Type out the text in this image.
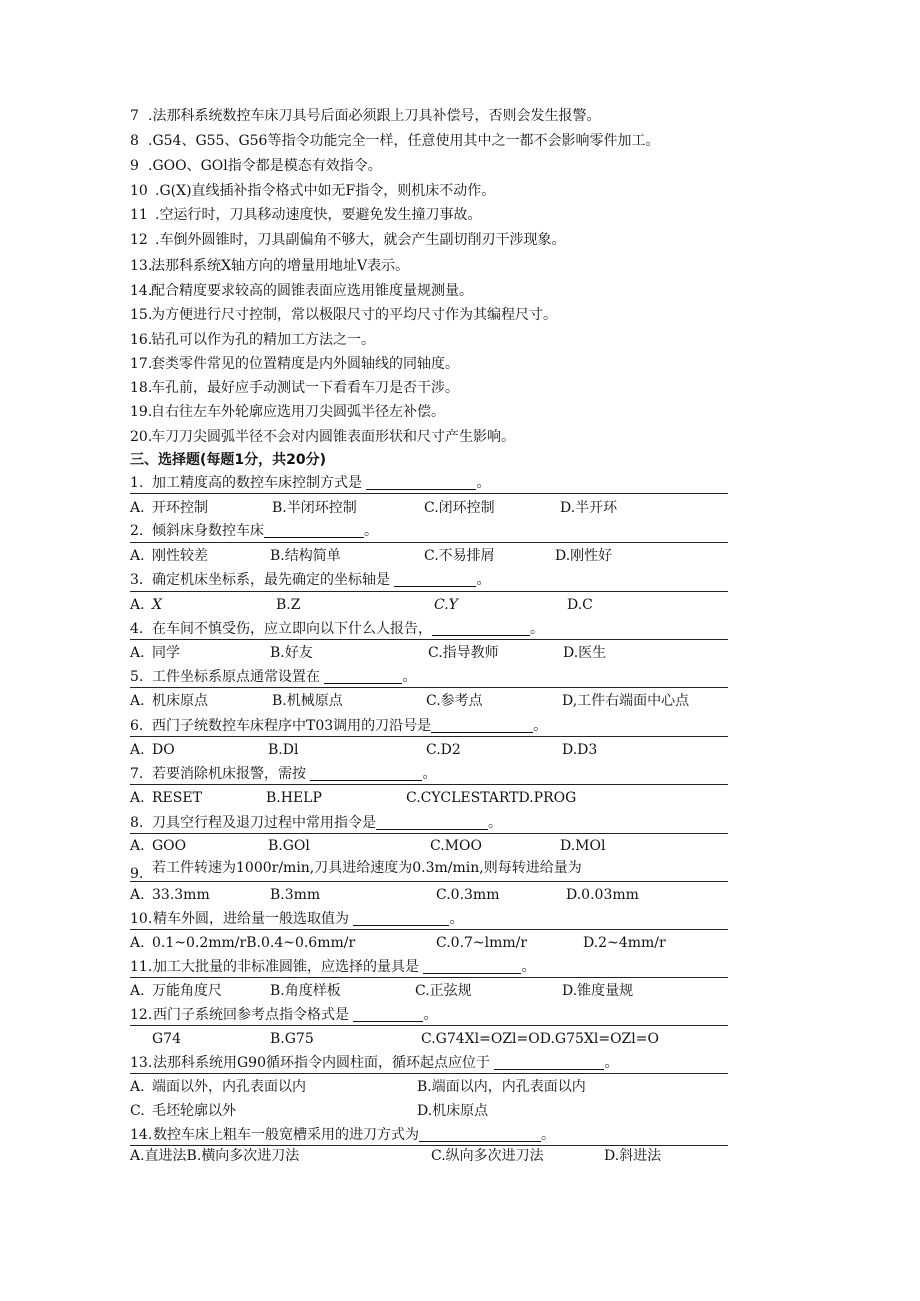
7 .法那科系统数控车床刀具号后面必须跟上刀具补偿号，否则会发生报警。
8 .G54、G55、G56等指令功能完全一样，任意使用其中之一都不会影响零件加工。
9 .GOO、GOl指令都是模态有效指令。
10 .G(X)直线插补指令格式中如无F指令，则机床不动作。
11 .空运行时，刀具移动速度快，要避免发生撞刀事故。
12 .车倒外圆锥时，刀具副偏角不够大，就会产生副切削刃干涉现象。
13.
法那科系统X轴方向的增量用地址V表示。
14.
配合精度要求较高的圆锥表面应选用锥度量规测量。
15.
为方便进行尺寸控制，常以极限尺寸的平均尺寸作为其编程尺寸。
16.
钻孔可以作为孔的精加工方法之一。
17.
套类零件常见的位置精度是内外圆轴线的同轴度。
18.
车孔前，最好应手动测试一下看看车刀是否干涉。
19.
自右往左车外轮廓应选用刀尖圆弧半径左补偿。
20.
车刀刀尖圆弧半径不会对内圆锥表面形状和尺寸产生影响。
三、选择题(每题1分，共20分)
1. 加工精度高的数控车床控制方式是	。
A. 开环控制	B.半闭环控制	C.闭环控制	D.半开环
2. 倾斜床身数控车床	。
A. 刚性较差	B.结构简单	C.不易排屑	D.刚性好
3. 确定机床坐标系，最先确定的坐标轴是	。
A. X	B.Z	C.Y	D.C
4. 在车间不慎受伤，应立即向以下什么人报告，	。
A. 同学	B.好友	C.指导教师	D.医生
5. 工件坐标系原点通常设置在	。
A. 机床原点	B.机械原点	C.参考点	D,工件右端面中心点
6. 西门子统数控车床程序中T03调用的刀沿号是	。
A. DO	B.Dl	C.D2	D.D3
7. 若要消除机床报警，需按	。
A. RESET	B.HELP	C.CYCLESTARTD.PROG
8. 刀具空行程及退刀过程中常用指令是	。
A. GOO	B.GOl	C.MOO	D.MOl
若工件转速为1000r/min,刀具进给速度为0.3m/min,则每转进给量为
9.
A. 33.3mm	B.3mm	C.0.3mm	D.0.03mm
10. 精车外圆，进给量一般选取值为	。
A. 0.1~0.2mm/rB.0.4~0.6mm/r	C.0.7~lmm/r	D.2~4mm/r
11. 加工大批量的非标准圆锥，应选择的量具是	。
A. 万能角度尺	B.角度样板	C.正弦规	D.锥度量规
12. 西门子系统回参考点指令格式是	。
G74	B.G75	C.G74Xl=OZl=OD.G75Xl=OZl=O
13. 法那科系统用G90循环指令内圆柱面，循环起点应位于	。
A. 端面以外，内孔表面以内	B.端面以内，内孔表面以内
C. 毛坯轮廓以外	D.机床原点
14. 数控车床上粗车一般宽槽采用的进刀方式为	。
A.直进法B.横向多次进刀法	C.纵向多次进刀法	D.斜进法
